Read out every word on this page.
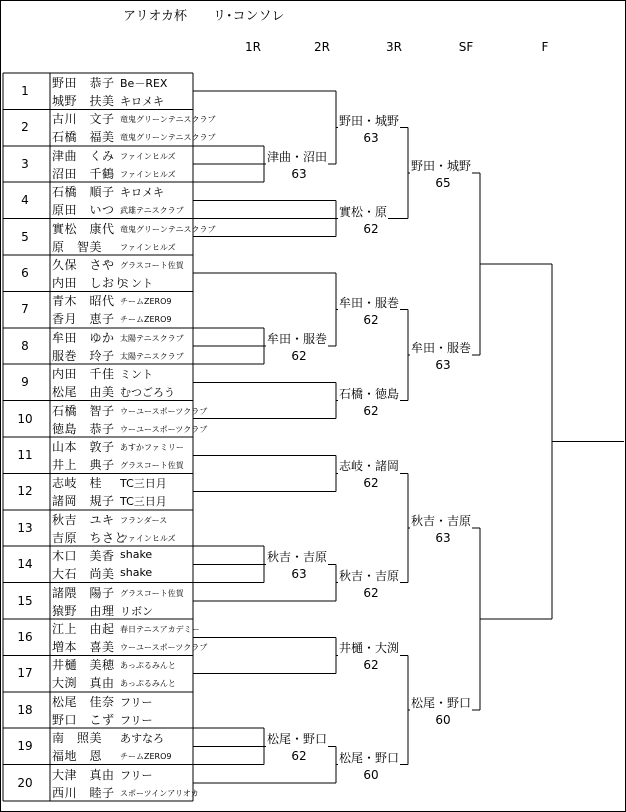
アリオカ杯　　リ･コンソレ
1R	2R	3R	SF	F
1
野田　恭子 Be－REX
城野　扶美 キロメキ
2
古川　文子 竜鬼グリーンテニスクラブ
石橋　福美 竜鬼グリーンテニスクラブ
3
津曲　くみ ファインヒルズ
沼田　千鶴 ファインヒルズ
4
石橋　順子 キロメキ
原田　いつ 武雄テニスクラブ
5
實松　康代 竜鬼グリーンテニスクラブ
原　智美 ファインヒルズ
6
久保　さや グラスコート佐賀
内田　しおり
ミント
7
青木　昭代 チームZERO9
香月　恵子 チームZERO9
8
牟田　ゆか 太陽テニスクラブ
服巻　玲子 太陽テニスクラブ
9
内田　千佳 ミント
松尾　由美 むつごろう
10
石橋　智子 ウーユースポーツクラブ
徳島　恭子 ウーユースポーツクラブ
11
山本　敦子 あすかファミリー
井上　典子 グラスコート佐賀
12
志岐　桂 TC三日月
諸岡　規子 TC三日月
13
秋吉　ユキ フランダース
吉原　ちさと
ファインヒルズ
14
木口　美香 shake
大石　尚美 shake
15
諸隈　陽子 グラスコート佐賀
猿野　由理 リボン
16
江上　由起 春日テニスアカデミー
増本　喜美 ウーユースポーツクラブ
17
井樋　美穂 あっぷるみんと
大渕　真由 あっぷるみんと
18
松尾　佳奈 フリー
野口　こず フリー
19
南　照美 あすなろ
福地　恩 チームZERO9
20
大津　真由 フリー
西川　睦子 スポーツインアリオカ
津曲・沼田
63
野田・城野
63
實松・原
62
野田・城野
65
牟田・服巻
62
牟田・服巻
62
石橋・徳島
62
牟田・服巻
63
志岐・諸岡
62
秋吉・吉原
63	秋吉・吉原
62
秋吉・吉原
63
井樋・大渕
62
松尾・野口
62	松尾・野口
60
松尾・野口
60
